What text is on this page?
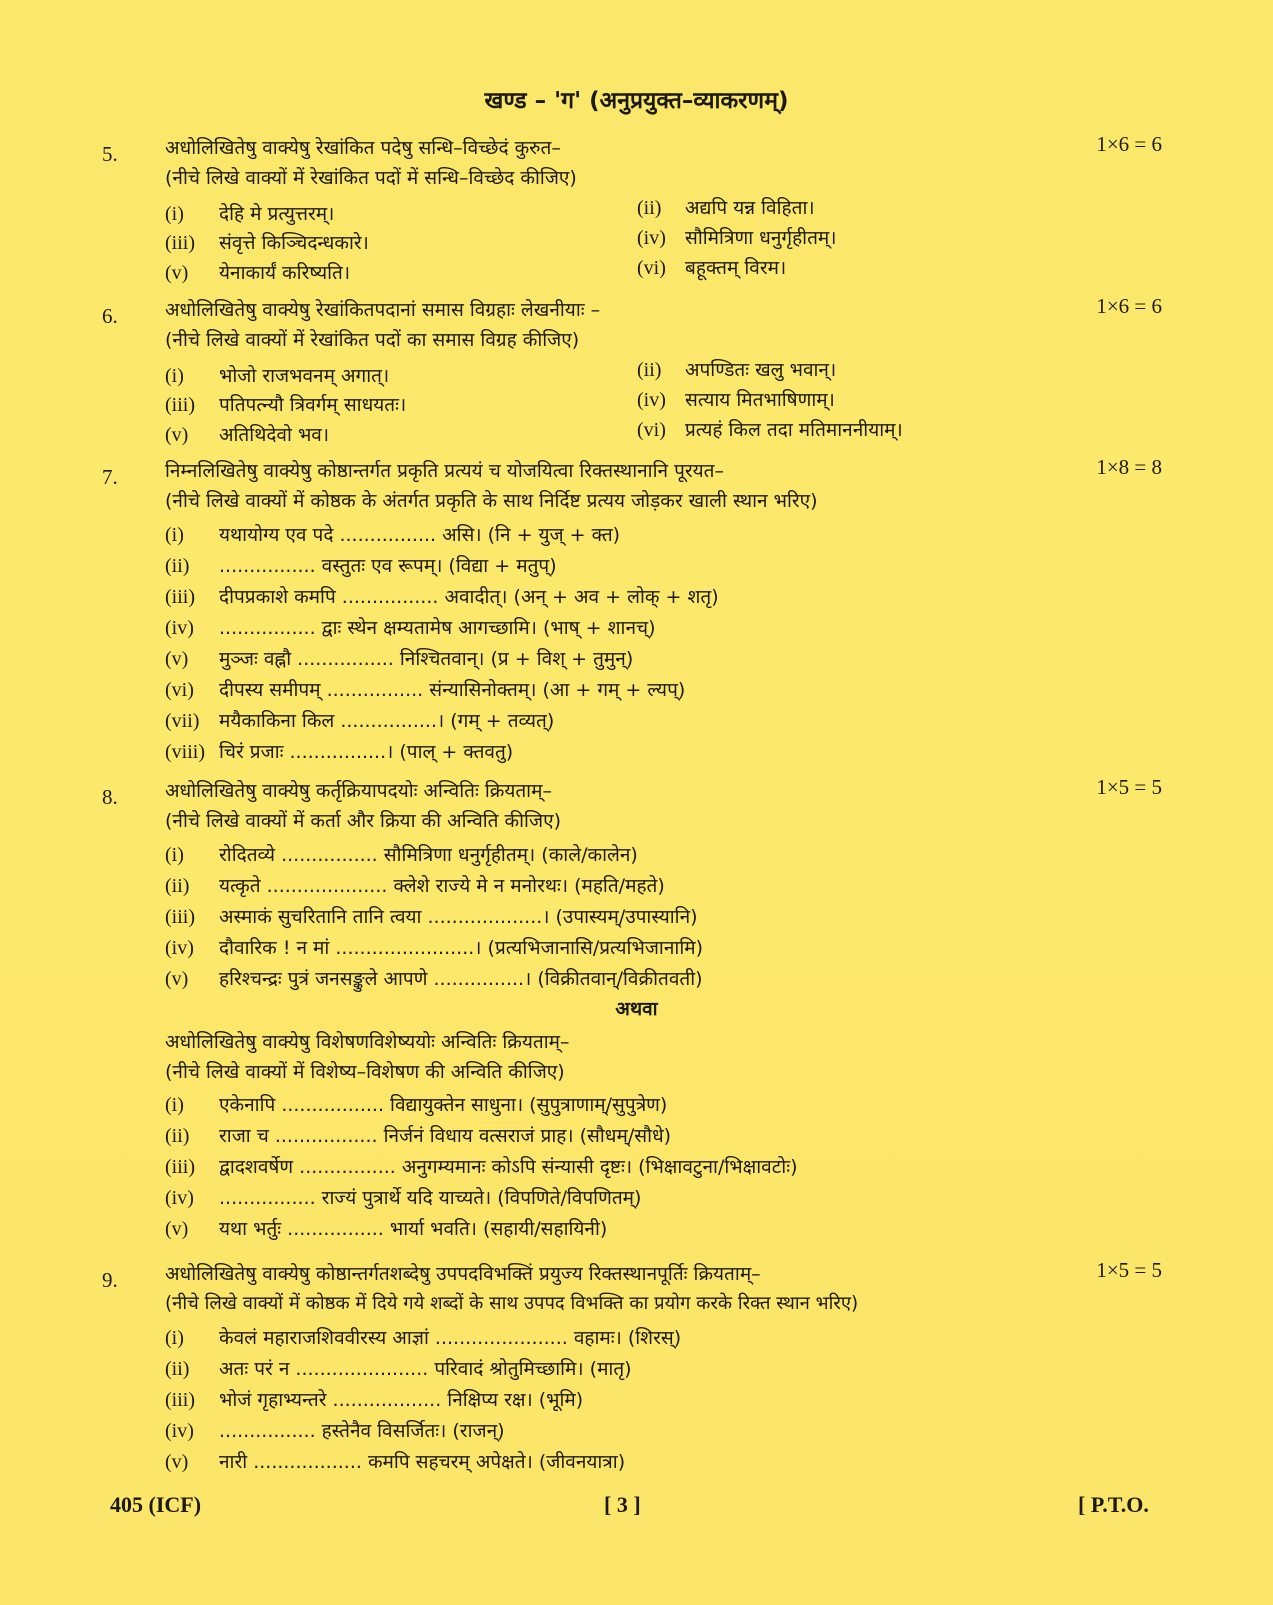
खण्ड – 'ग' (अनुप्रयुक्त–व्याकरणम्)
5.	1×6 = 6
अधोलिखितेषु वाक्येषु रेखांकित पदेषु सन्धि–विच्छेदं कुरुत–
(नीचे लिखे वाक्यों में रेखांकित पदों में सन्धि–विच्छेद कीजिए)
(i) देहि मे प्रत्युत्तरम्।	(ii) अद्यपि यन्न विहिता।
(iii) संवृत्ते किञ्चिदन्धकारे।	(iv) सौमित्रिणा धनुर्गृहीतम्।
(v) येनाकार्यं करिष्यति।	(vi) बहूक्तम् विरम।
6.	1×6 = 6
अधोलिखितेषु वाक्येषु रेखांकितपदानां समास विग्रहाः लेखनीयाः –
(नीचे लिखे वाक्यों में रेखांकित पदों का समास विग्रह कीजिए)
(i) भोजो राजभवनम् अगात्।	(ii) अपण्डितः खलु भवान्।
(iii) पतिपत्न्यौ त्रिवर्गम् साधयतः।	(iv) सत्याय मितभाषिणाम्।
(v) अतिथिदेवो भव।	(vi) प्रत्यहं किल तदा मतिमाननीयाम्।
7.	1×8 = 8
निम्नलिखितेषु वाक्येषु कोष्ठान्तर्गत प्रकृति प्रत्ययं च योजयित्वा रिक्तस्थानानि पूरयत–
(नीचे लिखे वाक्यों में कोष्ठक के अंतर्गत प्रकृति के साथ निर्दिष्ट प्रत्यय जोड़कर खाली स्थान भरिए)
(i) यथायोग्य एव पदे ................ असि। (नि + युज् + क्त)
(ii) ................ वस्तुतः एव रूपम्। (विद्या + मतुप्)
(iii) दीपप्रकाशे कमपि ................ अवादीत्। (अन् + अव + लोक् + शतृ)
(iv) ................ द्वाः स्थेन क्षम्यतामेष आगच्छामि। (भाष् + शानच्)
(v) मुञ्जः वह्नौ ................ निश्चितवान्। (प्र + विश् + तुमुन्)
(vi) दीपस्य समीपम् ................ संन्यासिनोक्तम्। (आ + गम् + ल्यप्)
(vii) मयैकाकिना किल ................। (गम् + तव्यत्)
(viii) चिरं प्रजाः ................। (पाल् + क्तवतु)
8.	1×5 = 5
अधोलिखितेषु वाक्येषु कर्तृक्रियापदयोः अन्वितिः क्रियताम्–
(नीचे लिखे वाक्यों में कर्ता और क्रिया की अन्विति कीजिए)
(i) रोदितव्ये ................ सौमित्रिणा धनुर्गृहीतम्। (काले/कालेन)
(ii) यत्कृते .................... क्लेशे राज्ये मे न मनोरथः। (महति/महते)
(iii) अस्माकं सुचरितानि तानि त्वया ...................। (उपास्यम्/उपास्यानि)
(iv) दौवारिक ! न मां .......................। (प्रत्यभिजानासि/प्रत्यभिजानामि)
(v) हरिश्चन्द्रः पुत्रं जनसङ्कुले आपणे ...............। (विक्रीतवान्/विक्रीतवती)
अथवा
अधोलिखितेषु वाक्येषु विशेषणविशेष्ययोः अन्वितिः क्रियताम्–
(नीचे लिखे वाक्यों में विशेष्य–विशेषण की अन्विति कीजिए)
(i) एकेनापि ................. विद्यायुक्तेन साधुना। (सुपुत्राणाम्/सुपुत्रेण)
(ii) राजा च ................. निर्जनं विधाय वत्सराजं प्राह। (सौधम्/सौधे)
(iii) द्वादशवर्षेण ................ अनुगम्यमानः कोऽपि संन्यासी दृष्टः। (भिक्षावटुना/भिक्षावटोः)
(iv) ................ राज्यं पुत्रार्थे यदि याच्यते। (विपणिते/विपणितम्)
(v) यथा भर्तुः ................ भार्या भवति। (सहायी/सहायिनी)
9.	1×5 = 5
अधोलिखितेषु वाक्येषु कोष्ठान्तर्गतशब्देषु उपपदविभक्तिं प्रयुज्य रिक्तस्थानपूर्तिः क्रियताम्–
(नीचे लिखे वाक्यों में कोष्ठक में दिये गये शब्दों के साथ उपपद विभक्ति का प्रयोग करके रिक्त स्थान भरिए)
(i) केवलं महाराजशिववीरस्य आज्ञां ...................... वहामः। (शिरस्)
(ii) अतः परं न ...................... परिवादं श्रोतुमिच्छामि। (मातृ)
(iii) भोजं गृहाभ्यन्तरे .................. निक्षिप्य रक्ष। (भूमि)
(iv) ................ हस्तेनैव विसर्जितः। (राजन्)
(v) नारी .................. कमपि सहचरम् अपेक्षते। (जीवनयात्रा)
405 (ICF)	[ 3 ]	[ P.T.O.
